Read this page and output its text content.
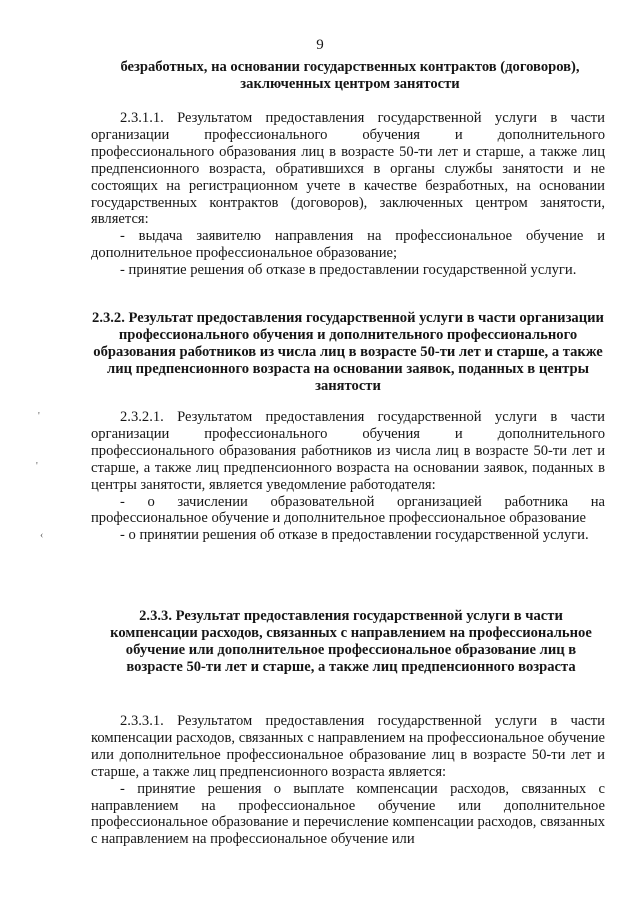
9
безработных, на основании государственных контрактов (договоров), заключенных центром занятости
2.3.1.1. Результатом предоставления государственной услуги в части организации профессионального обучения и дополнительного профессионального образования лиц в возрасте 50-ти лет и старше, а также лиц предпенсионного возраста, обратившихся в органы службы занятости и не состоящих на регистрационном учете в качестве безработных, на основании государственных контрактов (договоров), заключенных центром занятости, является:
- выдача заявителю направления на профессиональное обучение и дополнительное профессиональное образование;
- принятие решения об отказе в предоставлении государственной услуги.
2.3.2. Результат предоставления государственной услуги в части организации профессионального обучения и дополнительного профессионального образования работников из числа лиц в возрасте 50-ти лет и старше, а также лиц предпенсионного возраста на основании заявок, поданных в центры занятости
2.3.2.1. Результатом предоставления государственной услуги в части организации профессионального обучения и дополнительного профессионального образования работников из числа лиц в возрасте 50-ти лет и старше, а также лиц предпенсионного возраста на основании заявок, поданных в центры занятости, является уведомление работодателя:
- о зачислении образовательной организацией работника на профессиональное обучение и дополнительное профессиональное образование
- о принятии решения об отказе в предоставлении государственной услуги.
2.3.3. Результат предоставления государственной услуги в части компенсации расходов, связанных с направлением на профессиональное обучение или дополнительное профессиональное образование лиц в возрасте 50-ти лет и старше, а также лиц предпенсионного возраста
2.3.3.1. Результатом предоставления государственной услуги в части компенсации расходов, связанных с направлением на профессиональное обучение или дополнительное профессиональное образование лиц в возрасте 50-ти лет и старше, а также лиц предпенсионного возраста является:
- принятие решения о выплате компенсации расходов, связанных с направлением на профессиональное обучение или дополнительное профессиональное образование и перечисление компенсации расходов, связанных с направлением на профессиональное обучение или
'
'
‹
